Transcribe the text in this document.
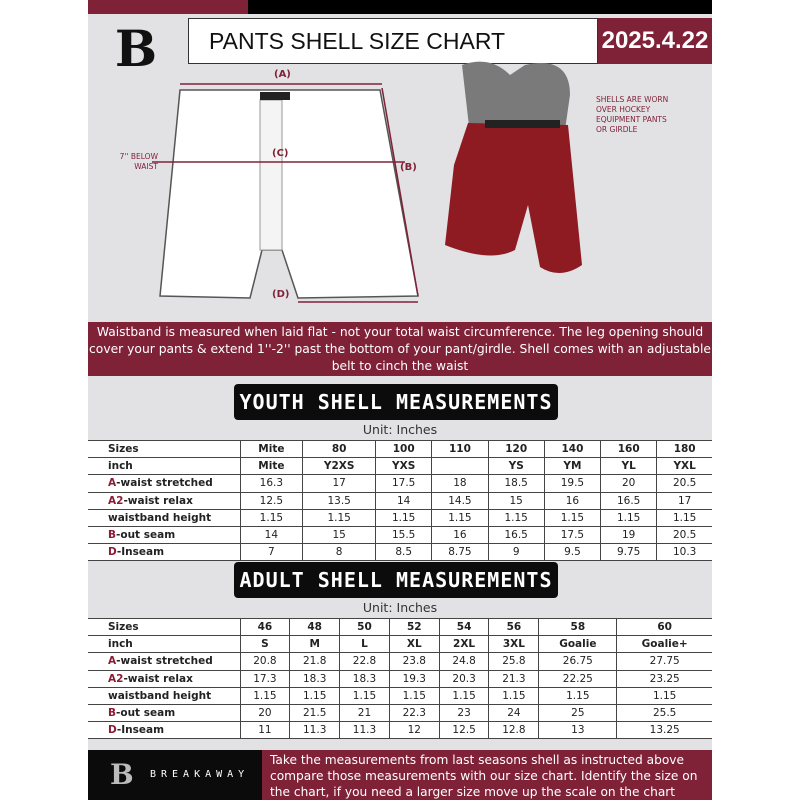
B	PANTS SHELL SIZE CHART	2025.4.22
(A)
(C)
(B)
(D)
7'' BELOW WAIST
SHELLS ARE WORN OVER HOCKEY EQUIPMENT PANTS OR GIRDLE
Waistband is measured when laid flat - not your total waist circumference. The leg opening should cover your pants & extend 1''-2'' past the bottom of your pant/girdle. Shell comes with an adjustable belt to cinch the waist
YOUTH SHELL MEASUREMENTS
Unit: Inches
Sizes	Mite	80	100	110	120	140	160	180
inch	Mite	Y2XS	YXS		YS	YM	YL	YXL
A-waist stretched	16.3	17	17.5	18	18.5	19.5	20	20.5
A2-waist relax	12.5	13.5	14	14.5	15	16	16.5	17
waistband height	1.15	1.15	1.15	1.15	1.15	1.15	1.15	1.15
B-out seam	14	15	15.5	16	16.5	17.5	19	20.5
D-Inseam	7	8	8.5	8.75	9	9.5	9.75	10.3
ADULT SHELL MEASUREMENTS
Unit: Inches
Sizes	46	48	50	52	54	56	58	60
inch	S	M	L	XL	2XL	3XL	Goalie	Goalie+
A-waist stretched	20.8	21.8	22.8	23.8	24.8	25.8	26.75	27.75
A2-waist relax	17.3	18.3	18.3	19.3	20.3	21.3	22.25	23.25
waistband height	1.15	1.15	1.15	1.15	1.15	1.15	1.15	1.15
B-out seam	20	21.5	21	22.3	23	24	25	25.5
D-Inseam	11	11.3	11.3	12	12.5	12.8	13	13.25
BREAKAWAY
B	Take the measurements from last seasons shell as instructed above compare those measurements with our size chart. Identify the size on the chart, if you need a larger size move up the scale on the chart
